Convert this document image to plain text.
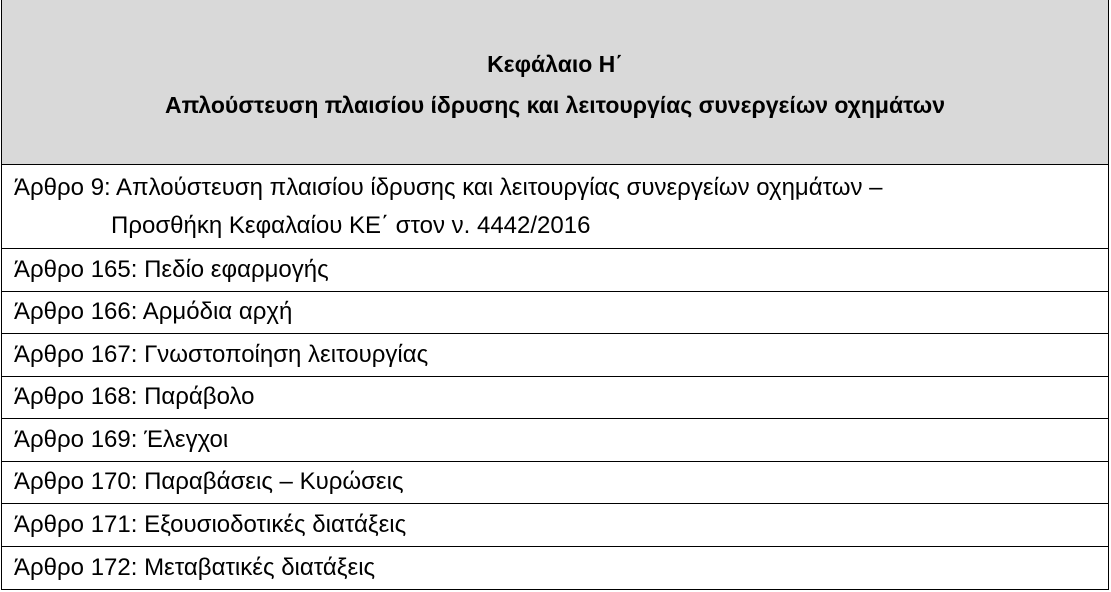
Κεφάλαιο Η΄
Απλούστευση πλαισίου ίδρυσης και λειτουργίας συνεργείων οχημάτων
Άρθρο 9: Απλούστευση πλαισίου ίδρυσης και λειτουργίας συνεργείων οχημάτων –
Προσθήκη Κεφαλαίου ΚΕ΄ στον ν. 4442/2016
Άρθρο 165: Πεδίο εφαρμογής
Άρθρο 166: Αρμόδια αρχή
Άρθρο 167: Γνωστοποίηση λειτουργίας
Άρθρο 168: Παράβολο
Άρθρο 169: Έλεγχοι
Άρθρο 170: Παραβάσεις – Κυρώσεις
Άρθρο 171: Εξουσιοδοτικές διατάξεις
Άρθρο 172: Μεταβατικές διατάξεις
